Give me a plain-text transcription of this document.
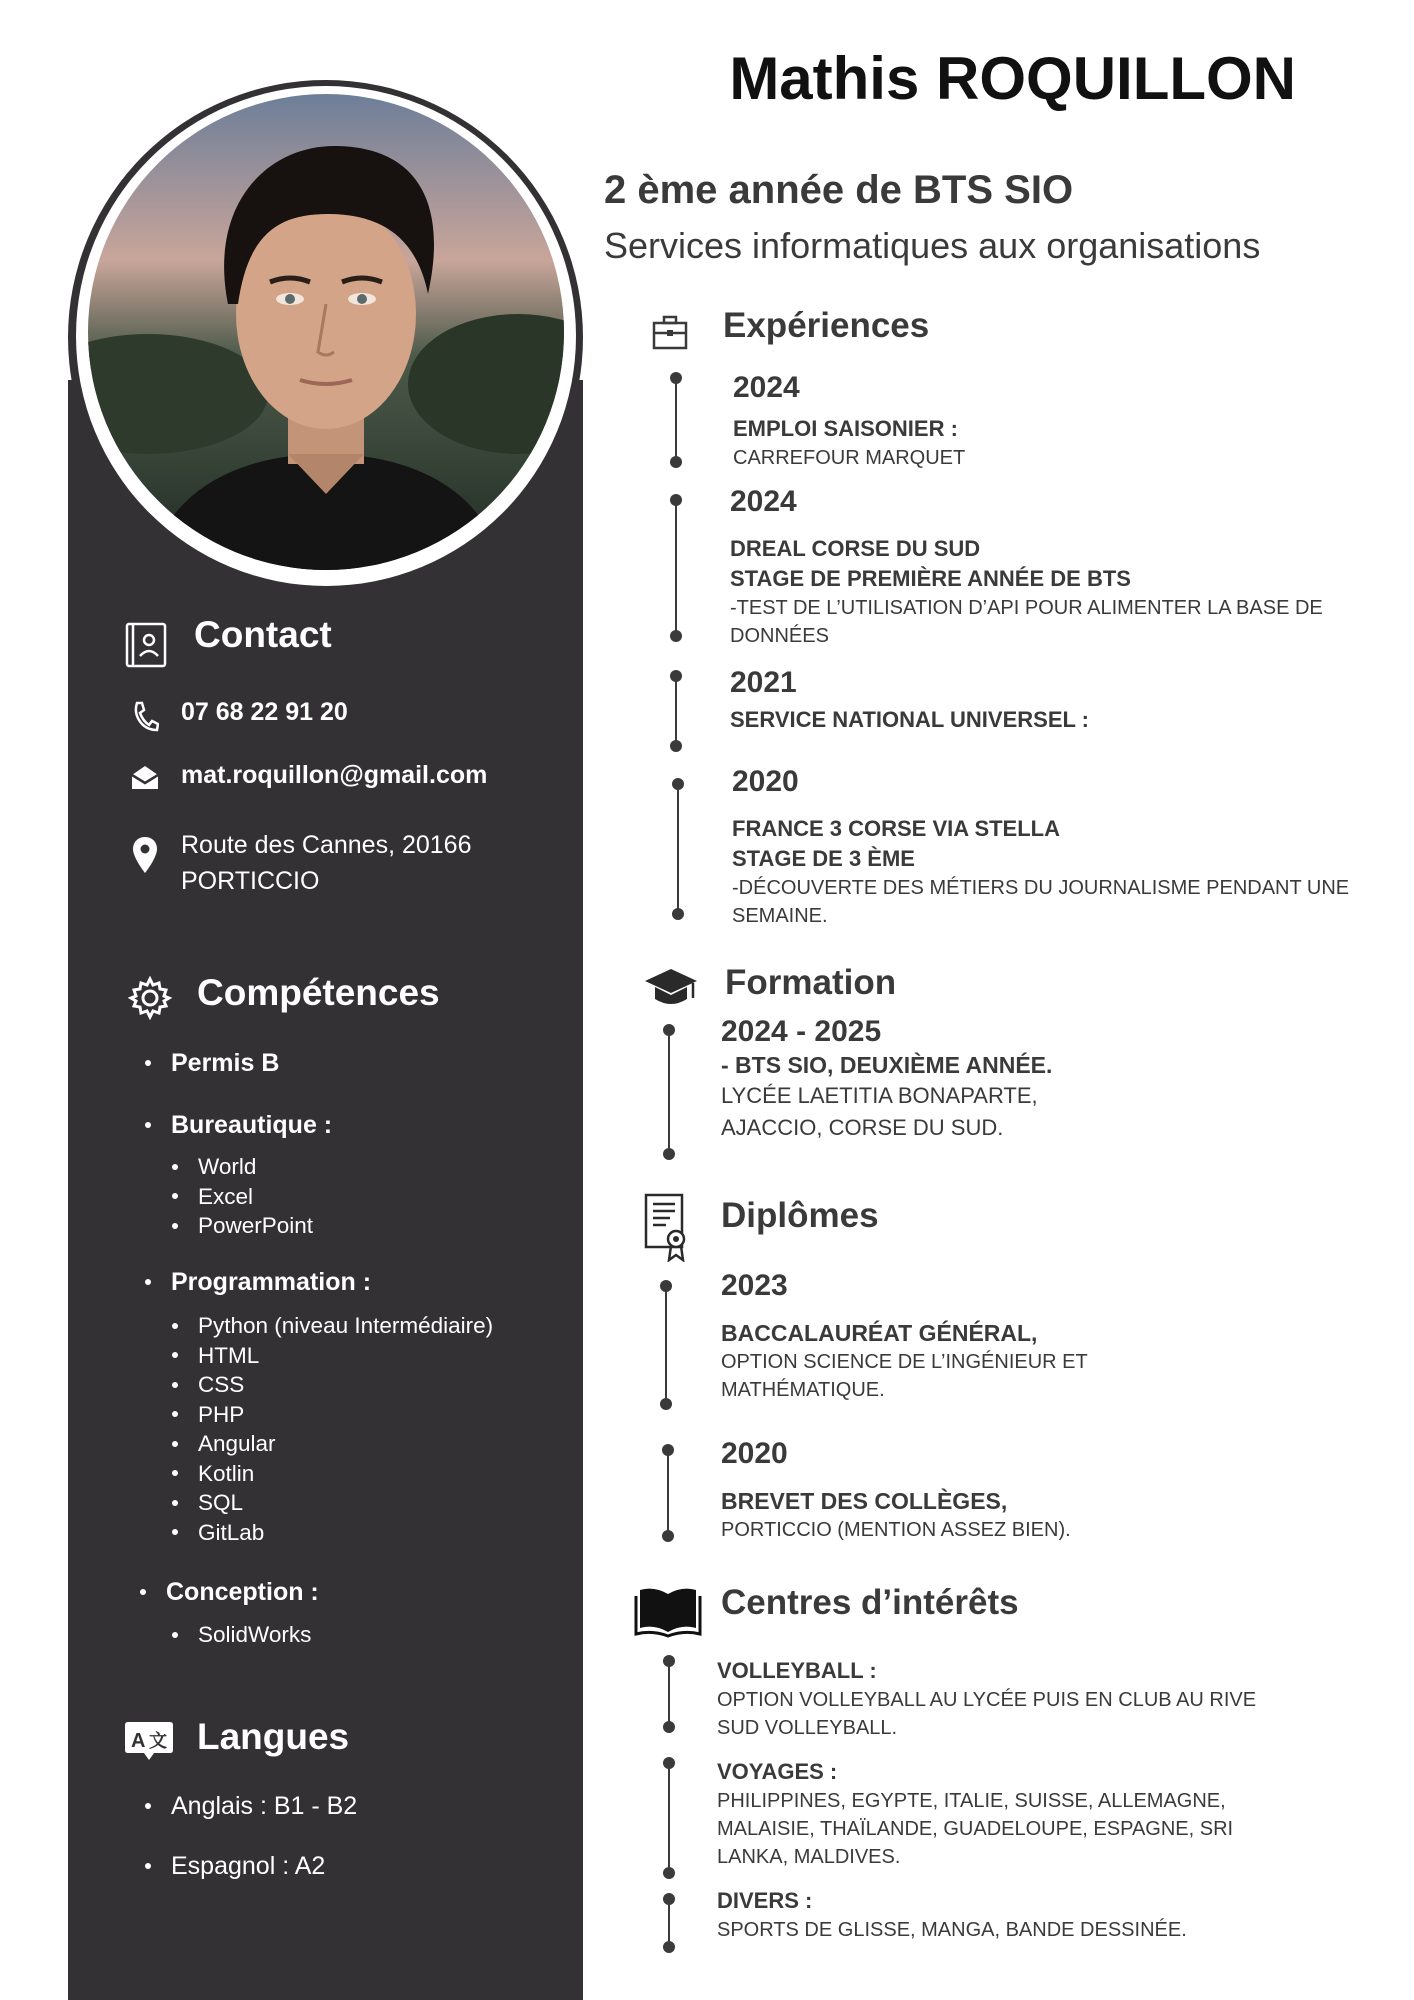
Contact
07 68 22 91 20
mat.roquillon@gmail.com
Route des Cannes, 20166
PORTICCIO
Compétences
Permis B
Bureautique :
World
Excel
PowerPoint
Programmation :
Python (niveau Intermédiaire)
HTML
CSS
PHP
Angular
Kotlin
SQL
GitLab
Conception :
SolidWorks
A 文 Langues
Anglais : B1 - B2
Espagnol : A2
Mathis ROQUILLON
2 ème année de BTS SIO
Services informatiques aux organisations
Expériences
2024
EMPLOI SAISONIER :
CARREFOUR MARQUET
2024
DREAL CORSE DU SUD
STAGE DE PREMIÈRE ANNÉE DE BTS
-TEST DE L’UTILISATION D’API POUR ALIMENTER LA BASE DE DONNÉES
2021
SERVICE NATIONAL UNIVERSEL :
2020
FRANCE 3 CORSE VIA STELLA
STAGE DE 3 ÈME
-DÉCOUVERTE DES MÉTIERS DU JOURNALISME PENDANT UNE SEMAINE.
Formation
2024 - 2025
- BTS SIO, DEUXIÈME ANNÉE.
LYCÉE LAETITIA BONAPARTE,
AJACCIO, CORSE DU SUD.
Diplômes
2023
BACCALAURÉAT GÉNÉRAL,
OPTION SCIENCE DE L’INGÉNIEUR ET MATHÉMATIQUE.
2020
BREVET DES COLLÈGES,
PORTICCIO (MENTION ASSEZ BIEN).
Centres d’intérêts
VOLLEYBALL :
OPTION VOLLEYBALL AU LYCÉE PUIS EN CLUB AU RIVE SUD VOLLEYBALL.
VOYAGES :
PHILIPPINES, EGYPTE, ITALIE, SUISSE, ALLEMAGNE, MALAISIE, THAÏLANDE, GUADELOUPE, ESPAGNE, SRI LANKA, MALDIVES.
DIVERS :
SPORTS DE GLISSE, MANGA, BANDE DESSINÉE.
